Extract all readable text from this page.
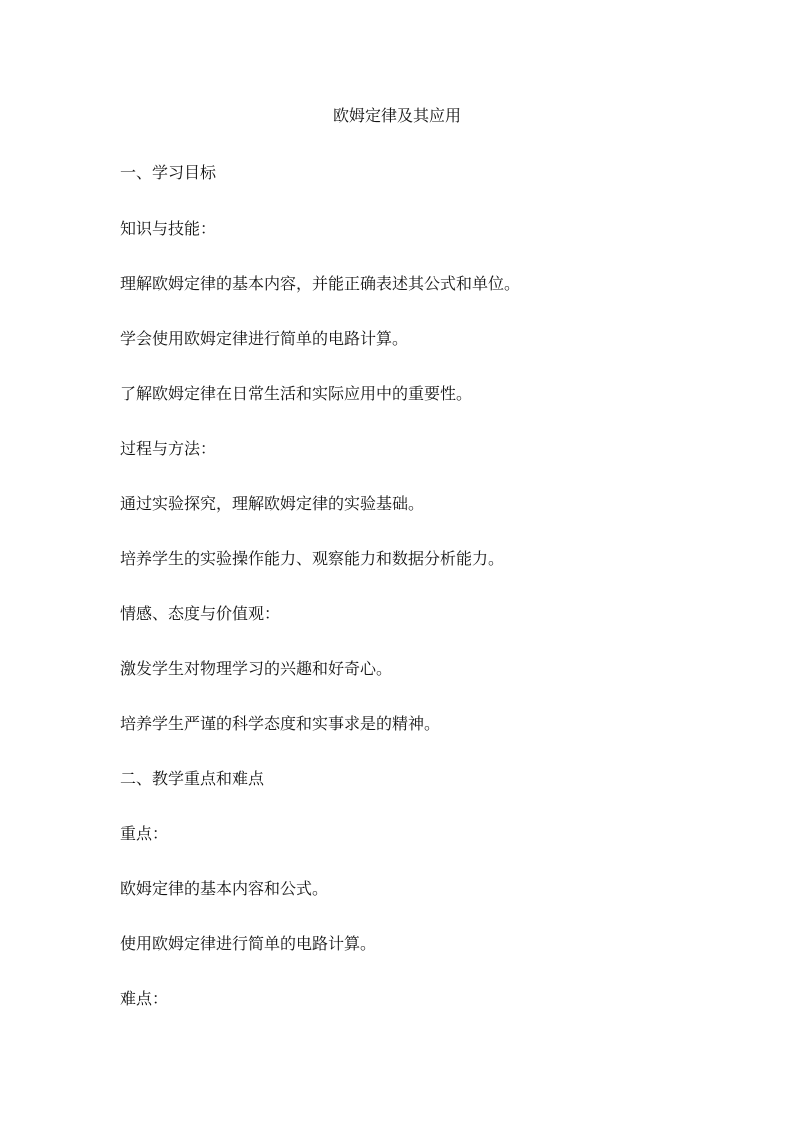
欧姆定律及其应用
一、学习目标
知识与技能：
理解欧姆定律的基本内容，并能正确表述其公式和单位。
学会使用欧姆定律进行简单的电路计算。
了解欧姆定律在日常生活和实际应用中的重要性。
过程与方法：
通过实验探究，理解欧姆定律的实验基础。
培养学生的实验操作能力、观察能力和数据分析能力。
情感、态度与价值观：
激发学生对物理学习的兴趣和好奇心。
培养学生严谨的科学态度和实事求是的精神。
二、教学重点和难点
重点：
欧姆定律的基本内容和公式。
使用欧姆定律进行简单的电路计算。
难点：
